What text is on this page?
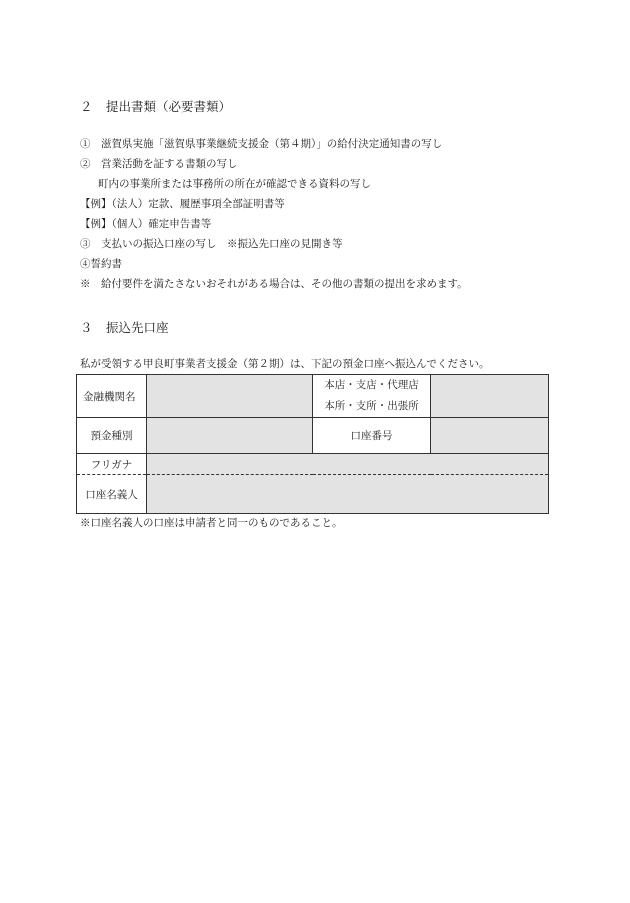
２ 提出書類（必要書類）
①　滋賀県実施「滋賀県事業継続支援金（第４期）」の給付決定通知書の写し
②　営業活動を証する書類の写し
町内の事業所または事務所の所在が確認できる資料の写し
【例】（法人）定款、履歴事項全部証明書等
【例】（個人）確定申告書等
③　支払いの振込口座の写し　※振込先口座の見開き等
④誓約書
※　給付要件を満たさないおそれがある場合は、その他の書類の提出を求めます。
３ 振込先口座
私が受領する甲良町事業者支援金（第２期）は、下記の預金口座へ振込んでください。
金融機関名		本店・支店・代理店
本所・支所・出張所	

預金種別		口座番号	
フリガナ			
口座名義人			
※口座名義人の口座は申請者と同一のものであること。
